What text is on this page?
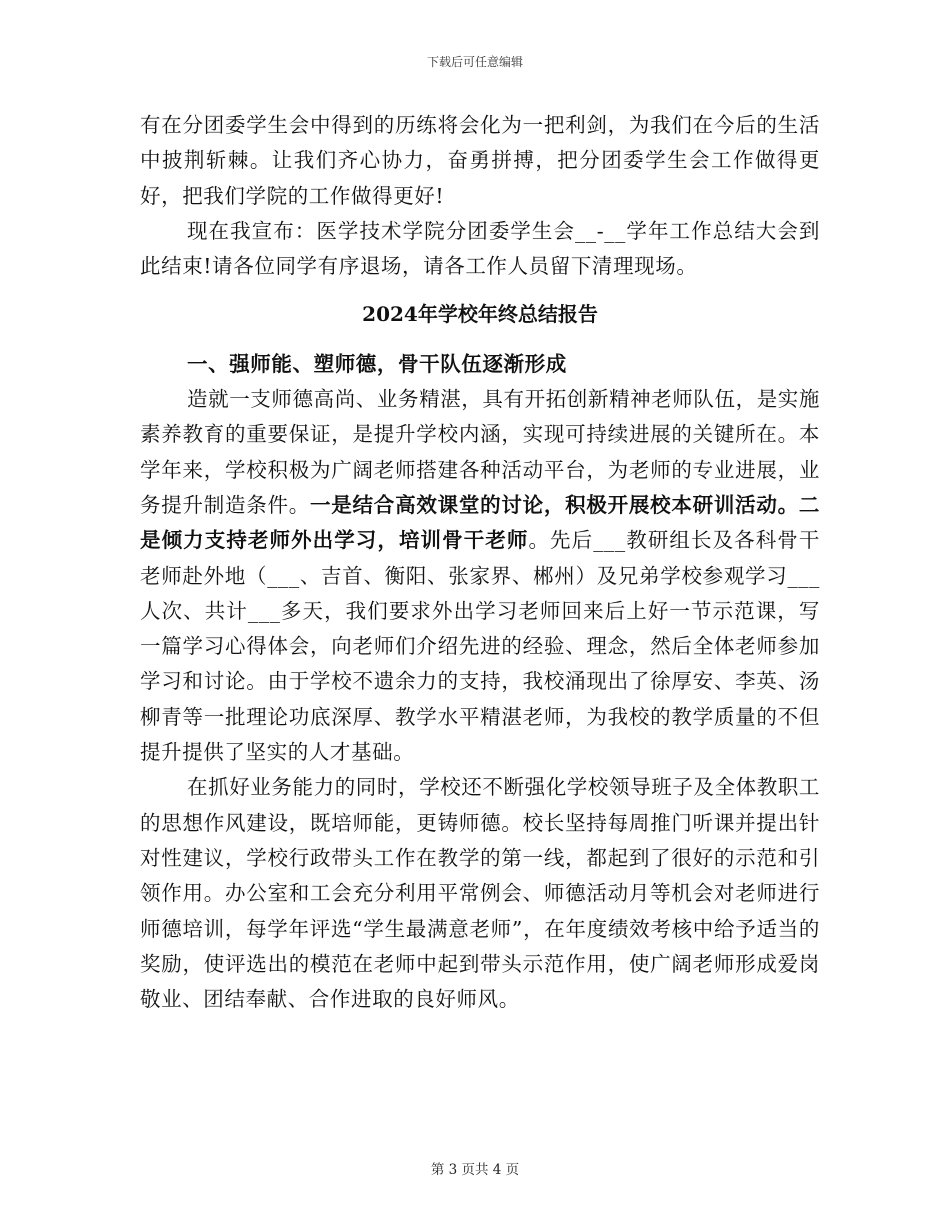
下载后可任意编辑

有在分团委学生会中得到的历练将会化为一把利剑，为我们在今后的生活中披荆斩棘。让我们齐心协力，奋勇拼搏，把分团委学生会工作做得更好，把我们学院的工作做得更好!

现在我宣布：医学技术学院分团委学生会__-__学年工作总结大会到此结束!请各位同学有序退场，请各工作人员留下清理现场。

2024年学校年终总结报告

一、强师能、塑师德，骨干队伍逐渐形成

造就一支师德高尚、业务精湛，具有开拓创新精神老师队伍，是实施素养教育的重要保证，是提升学校内涵，实现可持续进展的关键所在。本学年来，学校积极为广阔老师搭建各种活动平台，为老师的专业进展，业务提升制造条件。一是结合高效课堂的讨论，积极开展校本研训活动。二是倾力支持老师外出学习，培训骨干老师。先后___教研组长及各科骨干老师赴外地（___、吉首、衡阳、张家界、郴州）及兄弟学校参观学习___人次、共计___多天，我们要求外出学习老师回来后上好一节示范课，写一篇学习心得体会，向老师们介绍先进的经验、理念，然后全体老师参加学习和讨论。由于学校不遗余力的支持，我校涌现出了徐厚安、李英、汤柳青等一批理论功底深厚、教学水平精湛老师，为我校的教学质量的不但提升提供了坚实的人才基础。

在抓好业务能力的同时，学校还不断强化学校领导班子及全体教职工的思想作风建设，既培师能，更铸师德。校长坚持每周推门听课并提出针对性建议，学校行政带头工作在教学的第一线，都起到了很好的示范和引领作用。办公室和工会充分利用平常例会、师德活动月等机会对老师进行师德培训，每学年评选“学生最满意老师”，在年度绩效考核中给予适当的奖励，使评选出的模范在老师中起到带头示范作用，使广阔老师形成爱岗敬业、团结奉献、合作进取的良好师风。

第 3 页共 4 页
